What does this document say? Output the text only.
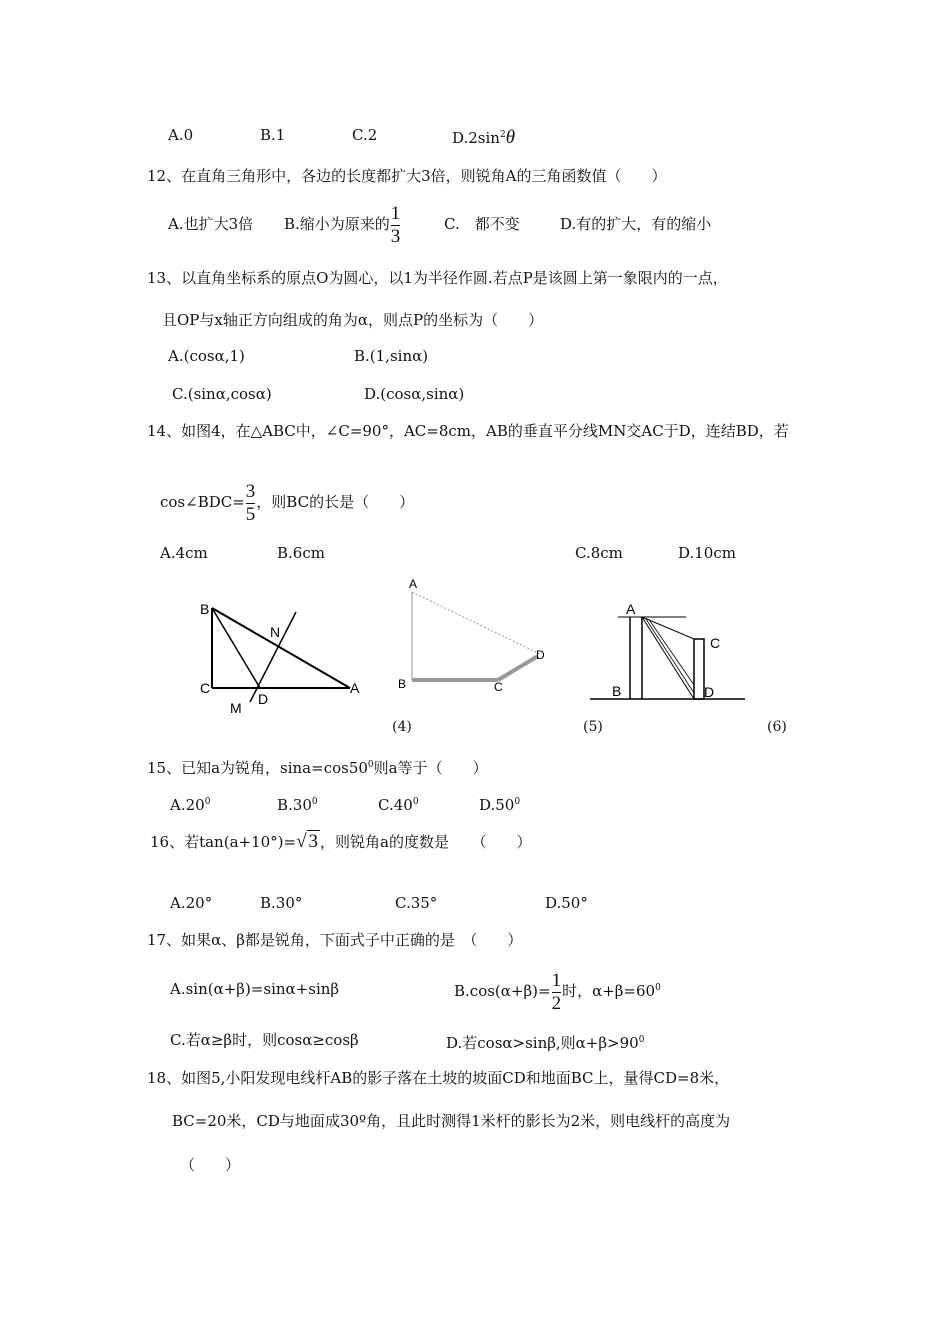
A.0	B.1	C.2	$D.2\sin^2\theta$
12、在直角三角形中，各边的长度都扩大3倍，则锐角A的三角函数值（　　）
A.也扩大3倍 B.缩小为原来的 $\frac{1}{3}$	C.　都不变	D.有的扩大，有的缩小
13、以直角坐标系的原点O为圆心，以1为半径作圆.若点P是该圆上第一象限内的一点，
且OP与x轴正方向组成的角为α，则点P的坐标为（　　）
A.(cosα,1)	B.(1,sinα)
C.(sinα,cosα)	D.(cosα,sinα)
14、如图4，在△ABC中，∠C=90°，AC=8cm，AB的垂直平分线MN交AC于D，连结BD，若
cos∠BDC= $\frac{3}{5}$ ，则BC的长是（　　）
A.4cm	B.6cm	C.8cm	D.10cm
B
C
N
M
D
A
A
B	C
D
(4)
A
B
C
D
(5)	(6)
15、已知a为锐角，$\sin a=\cos 50^0$则a等于（　　）
$A.20^0$	$B.30^0$	$C.40^0$	$D.50^0$
16、若tan(a+10°)=√ 3 ，则锐角a的度数是　　（　　）
A.20°	B.30°	C.35°	D.50°
17、如果α、β都是锐角，下面式子中正确的是　（　　）
A.sin(α+β)=sinα+sinβ	$B.\cos(\alpha+\beta)= \frac{1}{2}$ 时，$\alpha+\beta=60^0$
C.若α≥β时，则cosα≥cosβ	D.若cosα>sinβ,则$\alpha+\beta>90^0$
18、如图5,小阳发现电线杆AB的影子落在土坡的坡面CD和地面BC上，量得CD=8米，
BC=20米，CD与地面成30º角，且此时测得1米杆的影长为2米，则电线杆的高度为
（　　）
